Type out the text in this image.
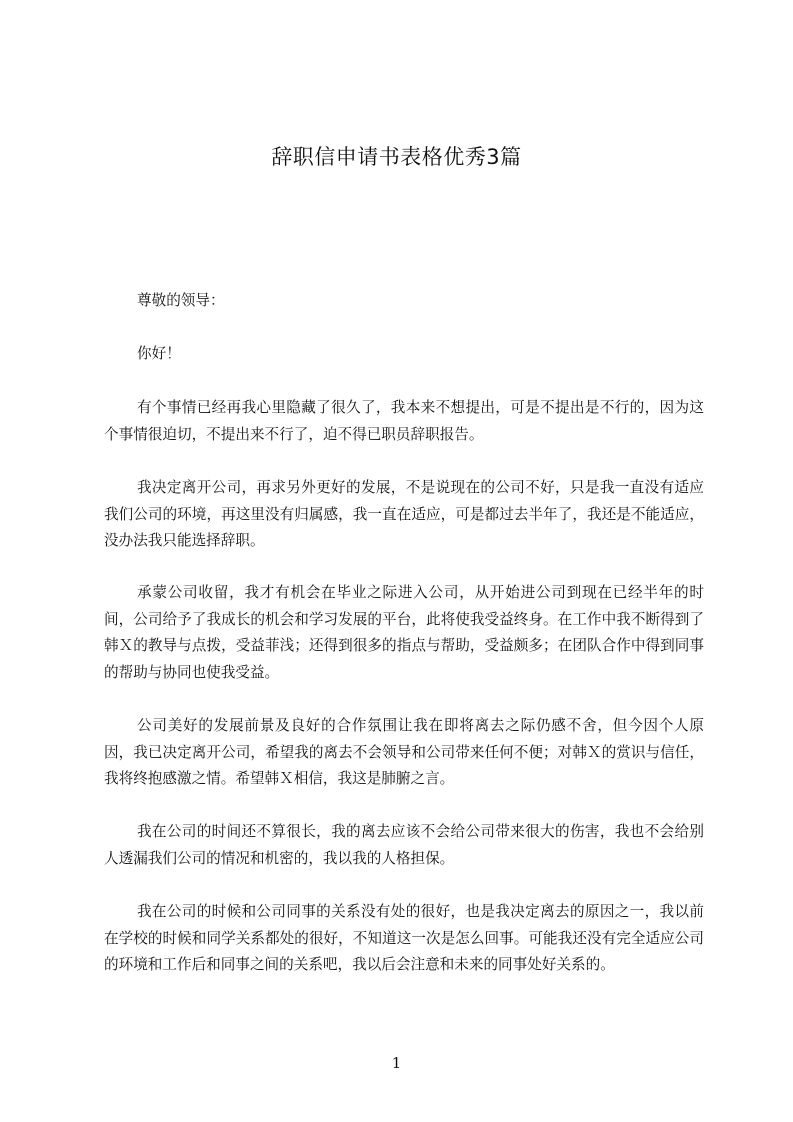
辞职信申请书表格优秀3篇
尊敬的领导：
你好！
有个事情已经再我心里隐藏了很久了，我本来不想提出，可是不提出是不行的，因为这个事情很迫切，不提出来不行了，迫不得已职员辞职报告。
我决定离开公司，再求另外更好的发展，不是说现在的公司不好，只是我一直没有适应我们公司的环境，再这里没有归属感，我一直在适应，可是都过去半年了，我还是不能适应，没办法我只能选择辞职。
承蒙公司收留，我才有机会在毕业之际进入公司，从开始进公司到现在已经半年的时间，公司给予了我成长的机会和学习发展的平台，此将使我受益终身。在工作中我不断得到了韩Ｘ的教导与点拨，受益菲浅；还得到很多的指点与帮助，受益颇多；在团队合作中得到同事的帮助与协同也使我受益。
公司美好的发展前景及良好的合作氛围让我在即将离去之际仍感不舍，但今因个人原因，我已决定离开公司，希望我的离去不会领导和公司带来任何不便；对韩Ｘ的赏识与信任，我将终抱感激之情。希望韩Ｘ相信，我这是肺腑之言。
我在公司的时间还不算很长，我的离去应该不会给公司带来很大的伤害，我也不会给别人透漏我们公司的情况和机密的，我以我的人格担保。
我在公司的时候和公司同事的关系没有处的很好，也是我决定离去的原因之一，我以前在学校的时候和同学关系都处的很好，不知道这一次是怎么回事。可能我还没有完全适应公司的环境和工作后和同事之间的关系吧，我以后会注意和未来的同事处好关系的。
1
